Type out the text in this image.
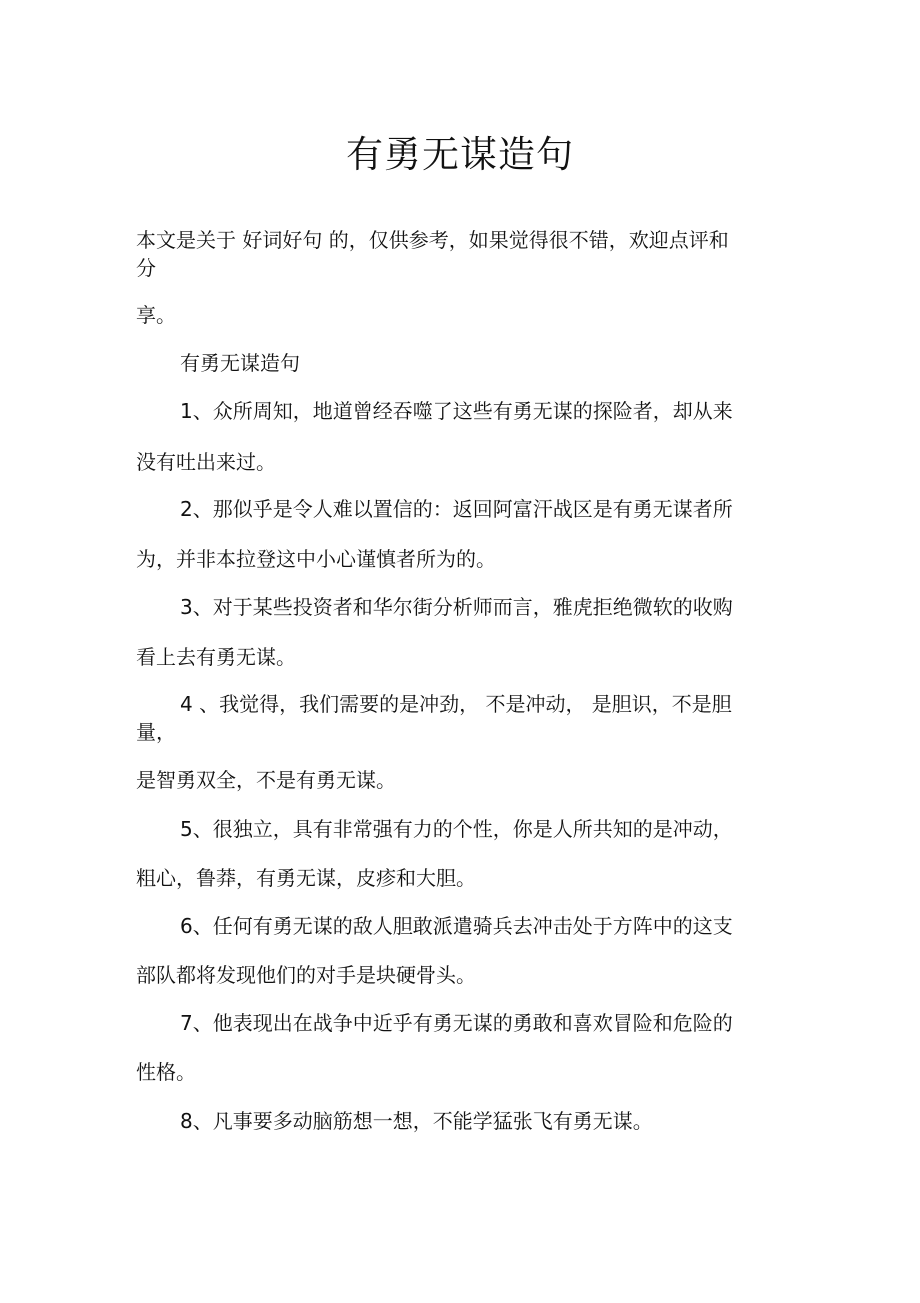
有勇无谋造句

本文是关于 好词好句 的，仅供参考，如果觉得很不错，欢迎点评和

分

享。

有勇无谋造句

1、众所周知，地道曾经吞噬了这些有勇无谋的探险者，却从来

没有吐出来过。

2、那似乎是令人难以置信的：返回阿富汗战区是有勇无谋者所

为，并非本拉登这中小心谨慎者所为的。

3、对于某些投资者和华尔街分析师而言，雅虎拒绝微软的收购

看上去有勇无谋。

4 、我觉得，我们需要的是冲劲， 不是冲动， 是胆识，不是胆

量，

是智勇双全，不是有勇无谋。

5、很独立，具有非常强有力的个性，你是人所共知的是冲动，

粗心，鲁莽，有勇无谋，皮疹和大胆。

6、任何有勇无谋的敌人胆敢派遣骑兵去冲击处于方阵中的这支

部队都将发现他们的对手是块硬骨头。

7、他表现出在战争中近乎有勇无谋的勇敢和喜欢冒险和危险的

性格。

8、凡事要多动脑筋想一想，不能学猛张飞有勇无谋。
